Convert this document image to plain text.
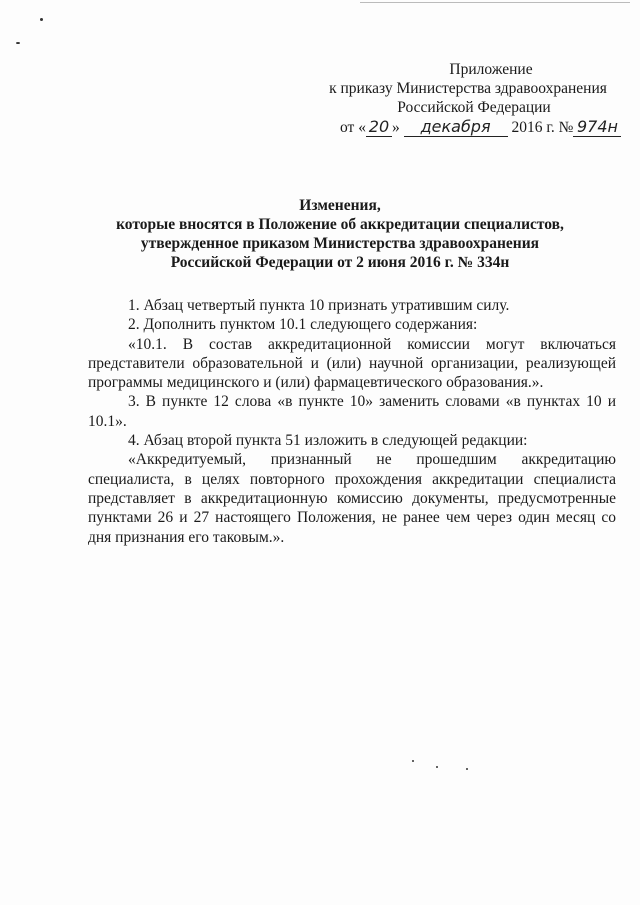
Приложение
к приказу Министерства здравоохранения
Российской Федерации
от « 20 » декабря 2016 г. № 974н
Изменения,
которые вносятся в Положение об аккредитации специалистов,
утвержденное приказом Министерства здравоохранения
Российской Федерации от 2 июня 2016 г. № 334н

1. Абзац четвертый пункта 10 признать утратившим силу.

2. Дополнить пунктом 10.1 следующего содержания:

«10.1. В состав аккредитационной комиссии могут включаться представители образовательной и (или) научной организации, реализующей программы медицинского и (или) фармацевтического образования.».

3. В пункте 12 слова «в пункте 10» заменить словами «в пунктах 10 и 10.1».

4. Абзац второй пункта 51 изложить в следующей редакции:

«Аккредитуемый, признанный не прошедшим аккредитацию специалиста, в целях повторного прохождения аккредитации специалиста представляет в аккредитационную комиссию документы, предусмотренные пунктами 26 и 27 настоящего Положения, не ранее чем через один месяц со дня признания его таковым.».
